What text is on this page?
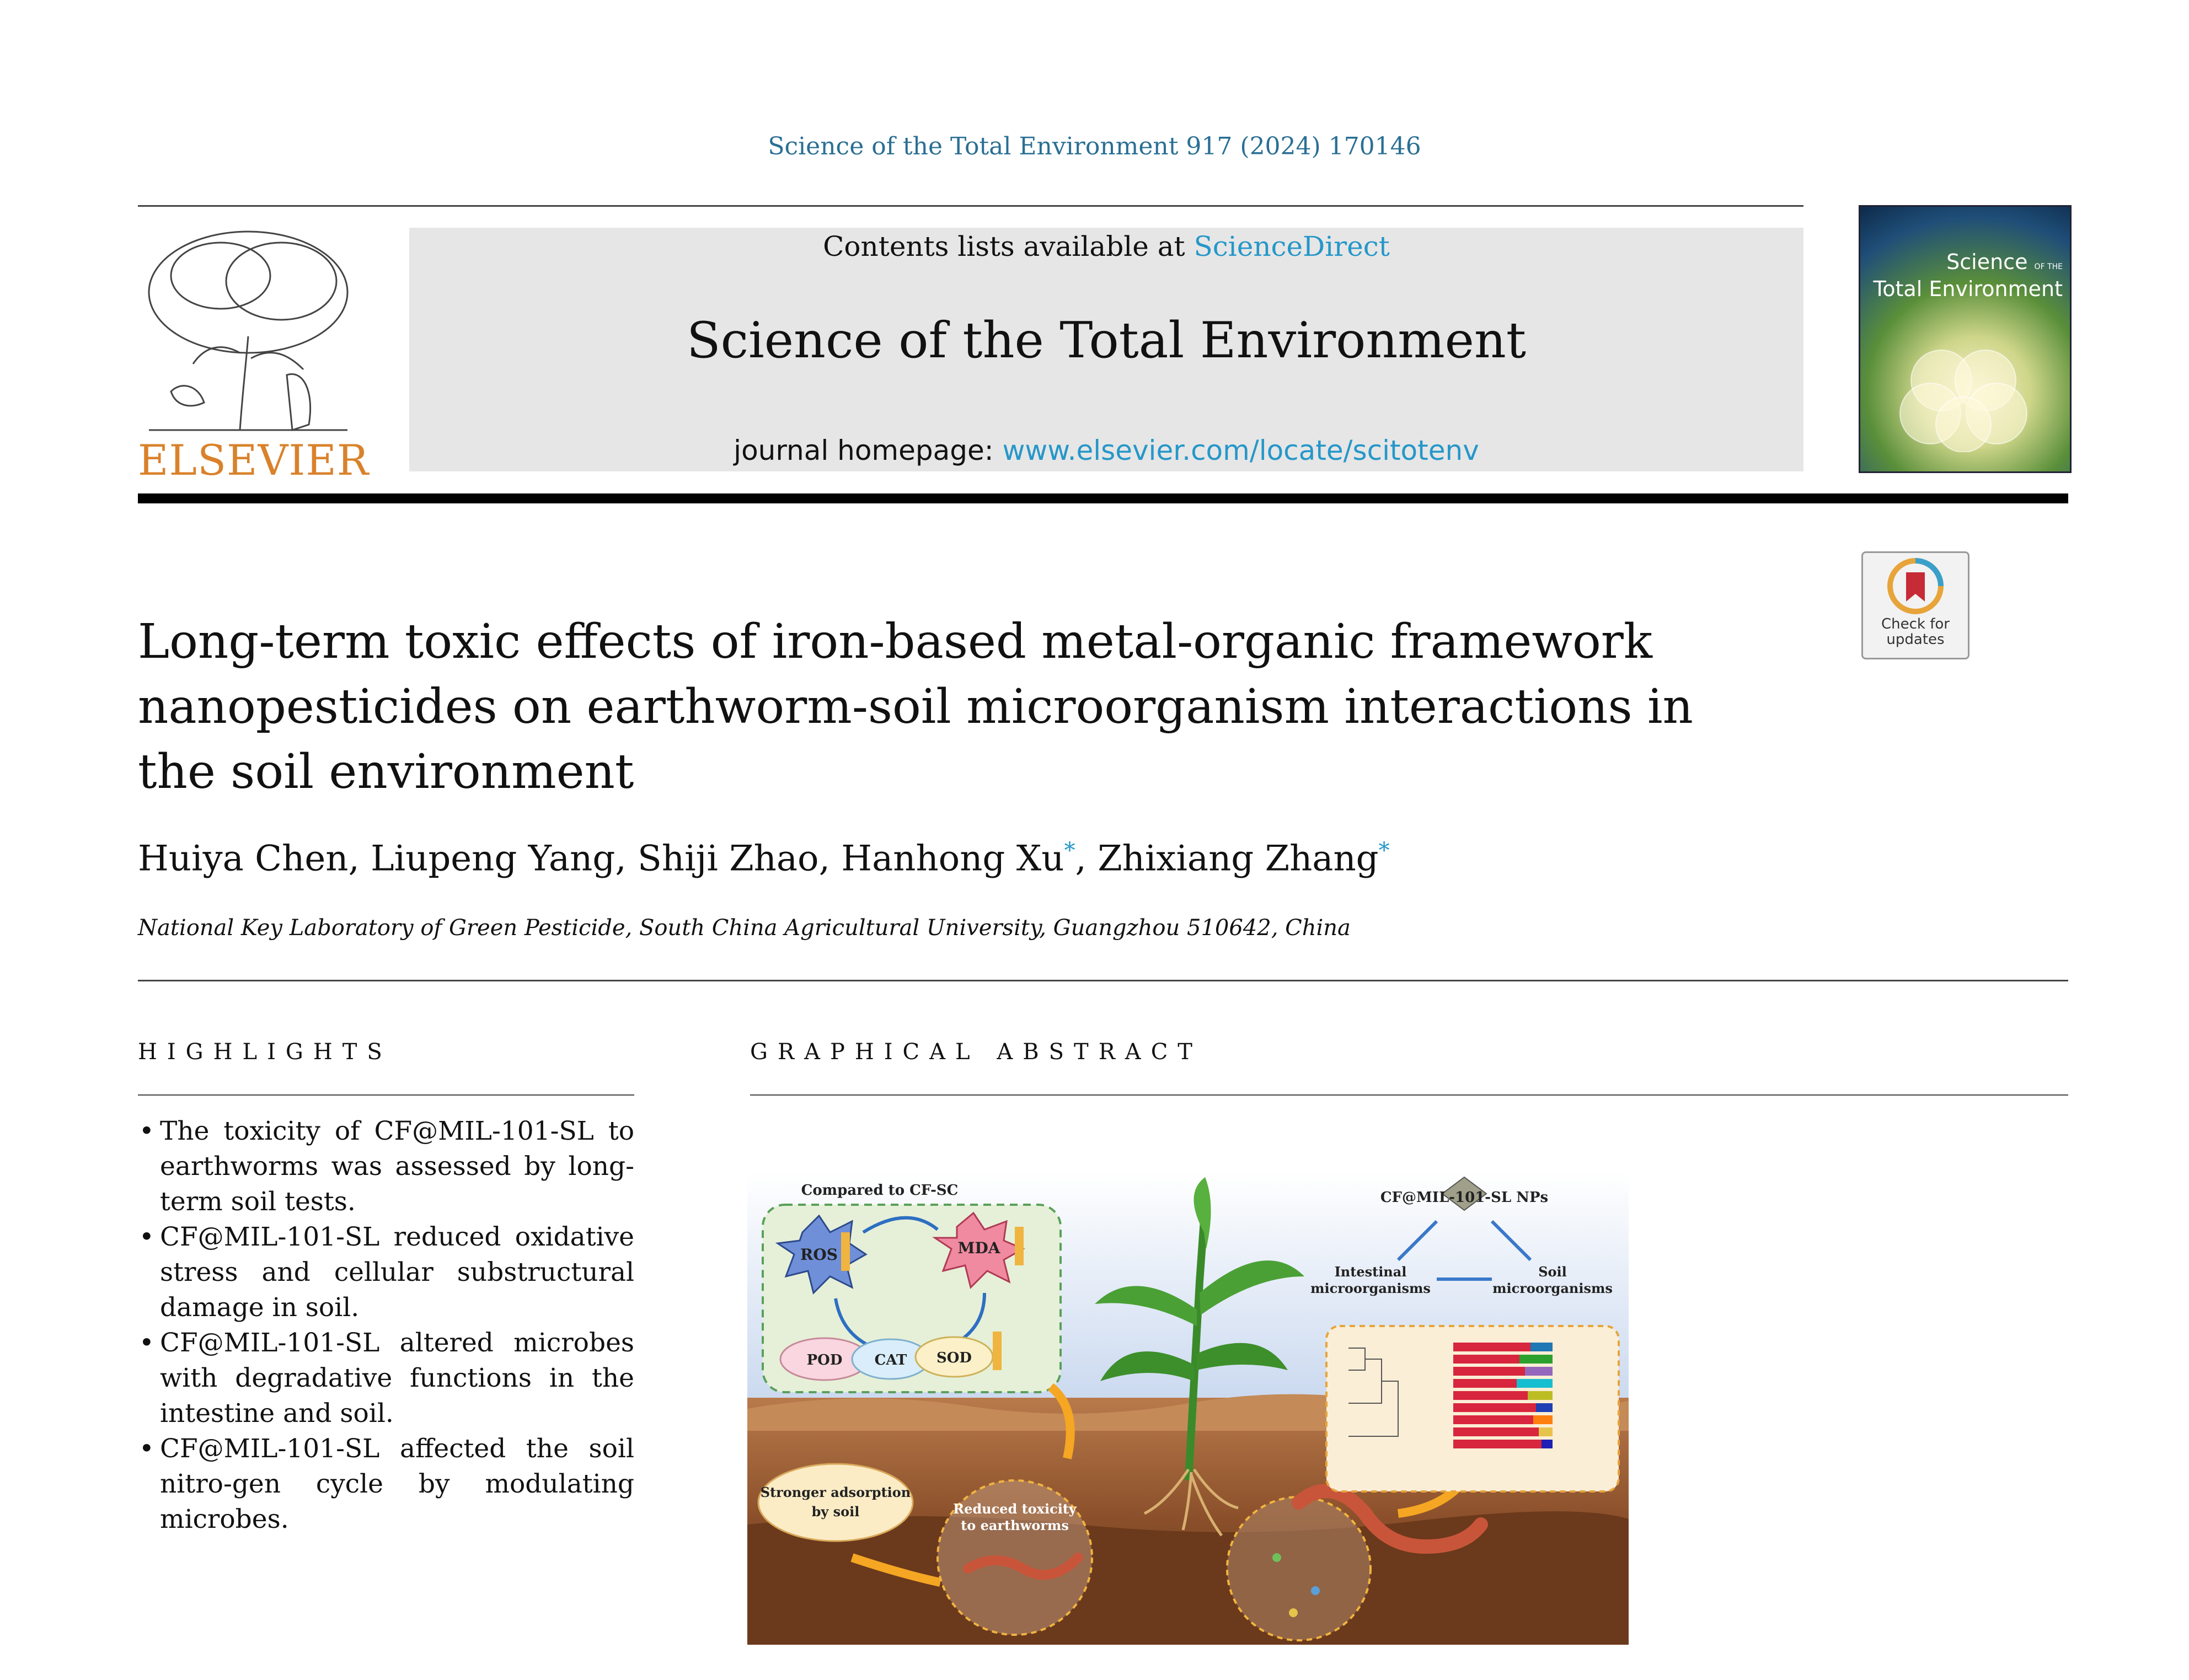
Science of the Total Environment 917 (2024) 170146
ELSEVIER
Contents lists available at ScienceDirect
Science of the Total Environment
journal homepage: www.elsevier.com/locate/scitotenv
Science OF THE
Total Environment
Check for updates
Long-term toxic effects of iron-based metal-organic framework nanopesticides on earthworm-soil microorganism interactions in the soil environment
Huiya Chen, Liupeng Yang, Shiji Zhao, Hanhong Xu*, Zhixiang Zhang*
National Key Laboratory of Green Pesticide, South China Agricultural University, Guangzhou 510642, China
HIGHLIGHTS
• The toxicity of CF@MIL-101-SL to earthworms was assessed by long-term soil tests.
• CF@MIL-101-SL reduced oxidative stress and cellular substructural damage in soil.
• CF@MIL-101-SL altered microbes with degradative functions in the intestine and soil.
• CF@MIL-101-SL affected the soil nitro-gen cycle by modulating microbes.
GRAPHICAL ABSTRACT
Compared to CF-SC
ROS	MDA
POD CAT SOD
Stronger adsorption
by soil	Reduced toxicity
to earthworms
CF@MIL-101-SL NPs
Intestinal
microorganisms
Soil
microorganisms
